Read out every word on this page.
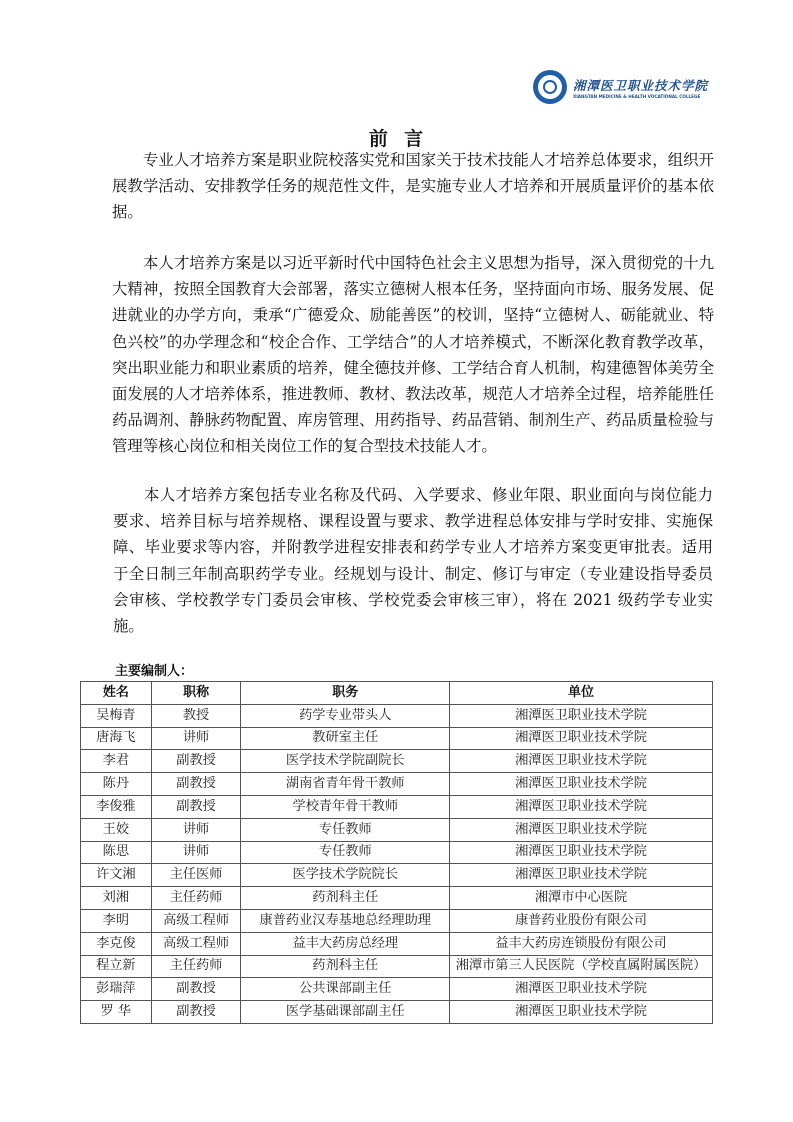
湘潭医卫职业技术学院
XIANGTAN MEDICINE & HEALTH VOCATIONAL COLLEGE
前  言

专业人才培养方案是职业院校落实党和国家关于技术技能人才培养总体要求，组织开展教学活动、安排教学任务的规范性文件，是实施专业人才培养和开展质量评价的基本依据。

本人才培养方案是以习近平新时代中国特色社会主义思想为指导，深入贯彻党的十九大精神，按照全国教育大会部署，落实立德树人根本任务，坚持面向市场、服务发展、促进就业的办学方向，秉承“广德爱众、励能善医”的校训，坚持“立德树人、砺能就业、特色兴校”的办学理念和“校企合作、工学结合”的人才培养模式，不断深化教育教学改革，突出职业能力和职业素质的培养，健全德技并修、工学结合育人机制，构建德智体美劳全面发展的人才培养体系，推进教师、教材、教法改革，规范人才培养全过程，培养能胜任药品调剂、静脉药物配置、库房管理、用药指导、药品营销、制剂生产、药品质量检验与管理等核心岗位和相关岗位工作的复合型技术技能人才。

本人才培养方案包括专业名称及代码、入学要求、修业年限、职业面向与岗位能力要求、培养目标与培养规格、课程设置与要求、教学进程总体安排与学时安排、实施保障、毕业要求等内容，并附教学进程安排表和药学专业人才培养方案变更审批表。适用于全日制三年制高职药学专业。经规划与设计、制定、修订与审定（专业建设指导委员会审核、学校教学专门委员会审核、学校党委会审核三审），将在 2021 级药学专业实施。

主要编制人：
姓名	职称	职务	单位
吴梅青	教授	药学专业带头人	湘潭医卫职业技术学院
唐海飞	讲师	教研室主任	湘潭医卫职业技术学院
李君	副教授	医学技术学院副院长	湘潭医卫职业技术学院
陈丹	副教授	湖南省青年骨干教师	湘潭医卫职业技术学院
李俊雅	副教授	学校青年骨干教师	湘潭医卫职业技术学院
王姣	讲师	专任教师	湘潭医卫职业技术学院
陈思	讲师	专任教师	湘潭医卫职业技术学院
许文湘	主任医师	医学技术学院院长	湘潭医卫职业技术学院
刘湘	主任药师	药剂科主任	湘潭市中心医院
李明	高级工程师	康普药业汉寿基地总经理助理	康普药业股份有限公司
李克俊	高级工程师	益丰大药房总经理	益丰大药房连锁股份有限公司
程立新	主任药师	药剂科主任	湘潭市第三人民医院（学校直属附属医院）
彭瑞萍	副教授	公共课部副主任	湘潭医卫职业技术学院
罗 华	副教授	医学基础课部副主任	湘潭医卫职业技术学院
